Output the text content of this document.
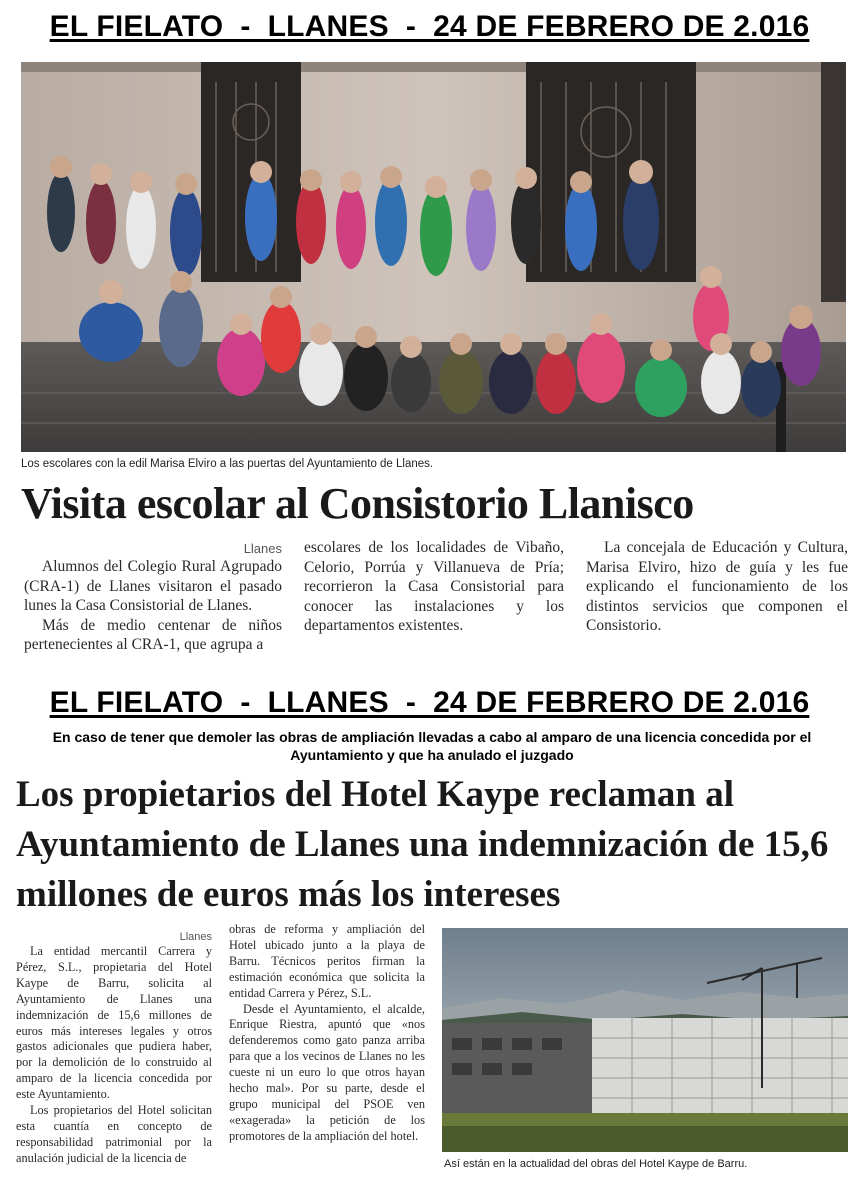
EL FIELATO  -  LLANES  -  24 DE FEBRERO DE 2.016
Los escolares con la edil Marisa Elviro a las puertas del Ayuntamiento de Llanes.
Visita escolar al Consistorio Llanisco
Llanes

Alumnos del Colegio Rural Agrupado (CRA-1) de Llanes visitaron el pasado lunes la Casa Consistorial de Llanes.

Más de medio centenar de niños pertenecientes al CRA-1, que agrupa a

La concejala de Educación y Cultura, Marisa Elviro, hizo de guía y les fue explicando el funcionamiento de los distintos servicios que componen el Consistorio.

EL FIELATO  -  LLANES  -  24 DE FEBRERO DE 2.016
En caso de tener que demoler las obras de ampliación llevadas a cabo al amparo de una licencia concedida por el Ayuntamiento y que ha anulado el juzgado
Los propietarios del Hotel Kaype reclaman al Ayuntamiento de Llanes una indemnización de 15,6 millones de euros más los intereses
Llanes

La entidad mercantil Carrera y Pérez, S.L., propietaria del Hotel Kaype de Barru, solicita al Ayuntamiento de Llanes una indemnización de 15,6 millones de euros más intereses legales y otros gastos adicionales que pudiera haber, por la demolición de lo construido al amparo de la licencia concedida por este Ayuntamiento.

Los propietarios del Hotel solicitan esta cuantía en concepto de responsabilidad patrimonial por la anulación judicial de la licencia de

obras de reforma y ampliación del Hotel ubicado junto a la playa de Barru. Técnicos peritos firman la estimación económica que solicita la entidad Carrera y Pérez, S.L.

Desde el Ayuntamiento, el alcalde, Enrique Riestra, apuntó que «nos defenderemos como gato panza arriba para que a los vecinos de Llanes no les cueste ni un euro lo que otros hayan hecho mal». Por su parte, desde el grupo municipal del PSOE ven «exagerada» la petición de los promotores de la ampliación del hotel.

Así están en la actualidad del obras del Hotel Kaype de Barru.

escolares de los localidades de Vibaño, Celorio, Porrúa y Villanueva de Pría; recorrieron la Casa Consistorial para conocer las instalaciones y los departamentos existentes.
